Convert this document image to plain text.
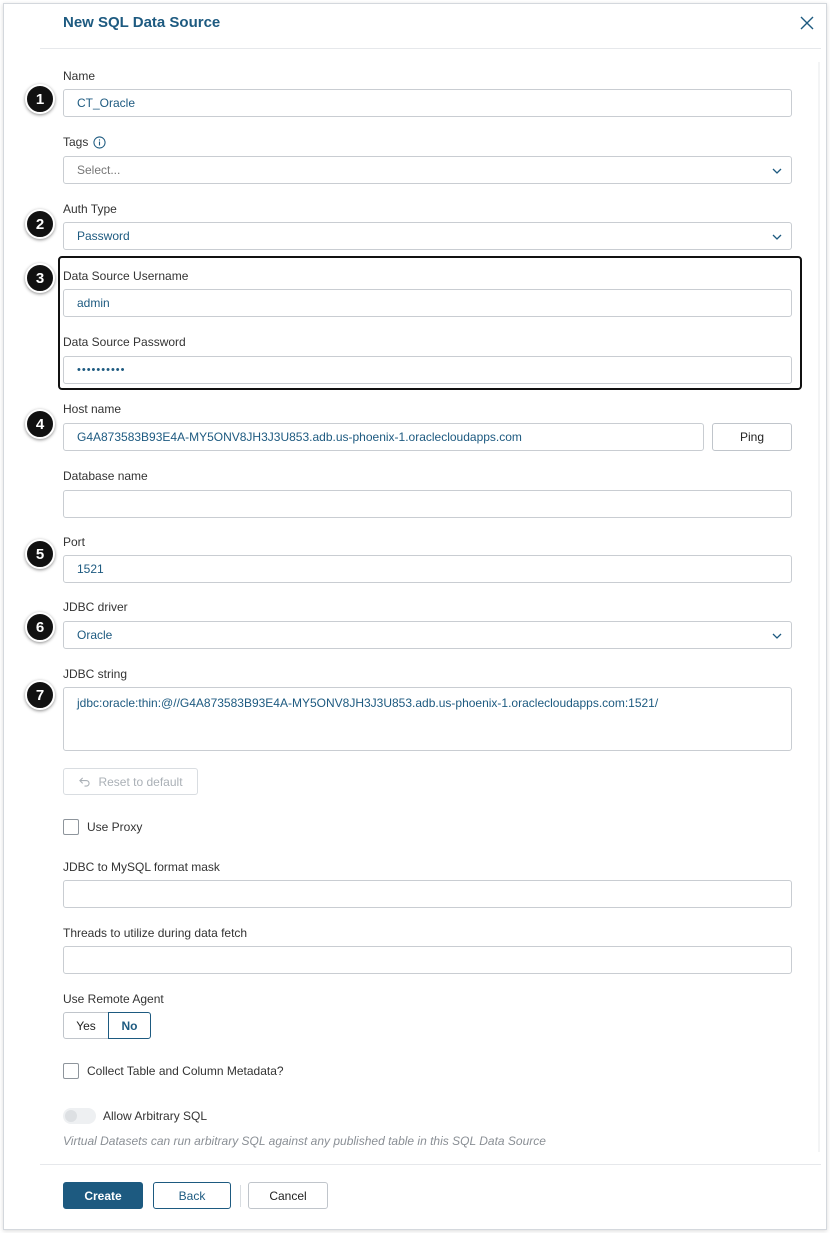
New SQL Data Source
Name
CT_Oracle
Tags
Select...
Auth Type
Password
Data Source Username
admin
Data Source Password
••••••••••
Host name
G4A873583B93E4A-MY5ONV8JH3J3U853.adb.us-phoenix-1.oraclecloudapps.com	Ping
Database name
Port
1521
JDBC driver
Oracle
JDBC string
jdbc:oracle:thin:@//G4A873583B93E4A-MY5ONV8JH3J3U853.adb.us-phoenix-1.oraclecloudapps.com:1521/
Reset to default
Use Proxy
JDBC to MySQL format mask
Threads to utilize during data fetch
Use Remote Agent
Yes	No
Collect Table and Column Metadata?
Allow Arbitrary SQL
Virtual Datasets can run arbitrary SQL against any published table in this SQL Data Source
Create	Back	Cancel
1
2
3
4
5
6
7
